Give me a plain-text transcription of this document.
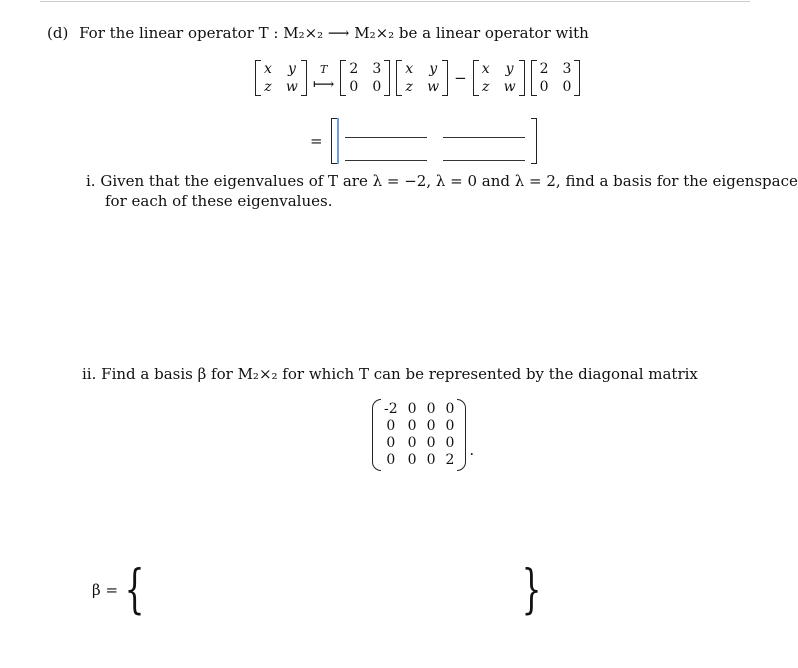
(d) For the linear operator T : M₂×₂ ⟶ M₂×₂ be a linear operator with
x y
z w
T
⟼
2 3
0 0
x y
z w − x y
z w
2 3
0 0
=
i. Given that the eigenvalues of T are λ = −2, λ = 0 and λ = 2, find a basis for the eigenspace
for each of these eigenvalues.
ii. Find a basis β for M₂×₂ for which T can be represented by the diagonal matrix
-2 0 0 0
0 0 0 0
0 0 0 0
0 0 0 2
.
β = {	}
